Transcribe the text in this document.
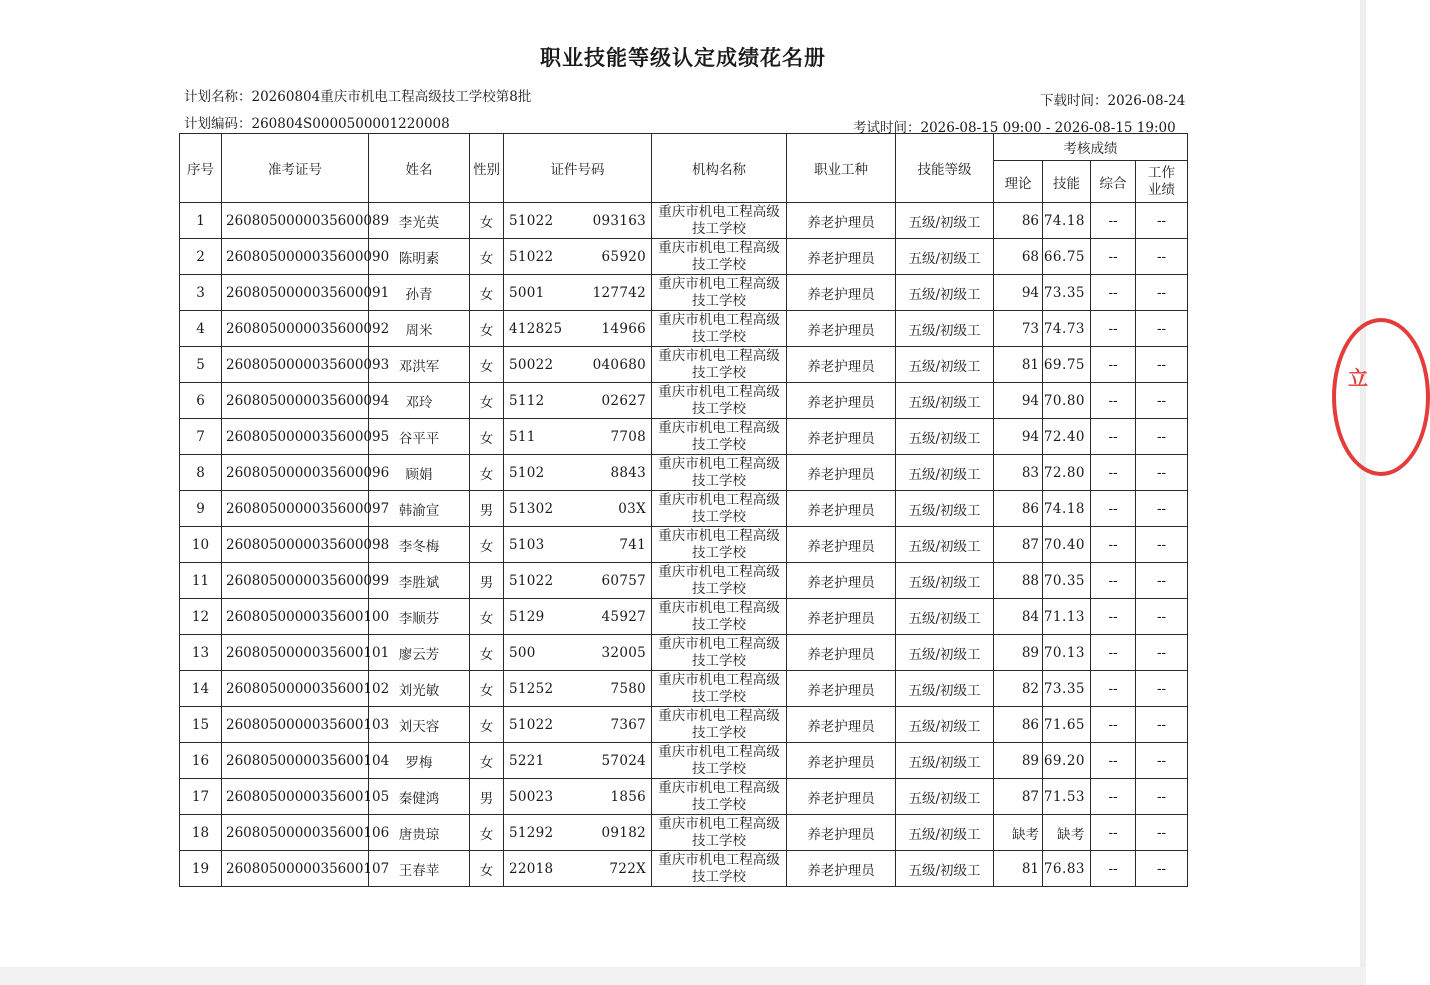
职业技能等级认定成绩花名册
计划名称：20260804重庆市机电工程高级技工学校第8批	下载时间：2026-08-24
计划编码：260804S0000500001220008	考试时间：2026-08-15 09:00 - 2026-08-15 19:00
序号	准考证号	姓名	性别	证件号码	机构名称	职业工种	技能等级	考核成绩			
								理论	技能	综合	工作业绩
1	2608050000035600089	李光英	女	51022 093163	重庆市机电工程高级技工学校	养老护理员	五级/初级工	86	74.18	--	--
2	2608050000035600090	陈明素	女	51022 65920	重庆市机电工程高级技工学校	养老护理员	五级/初级工	68	66.75	--	--
3	2608050000035600091	孙青	女	5001 127742	重庆市机电工程高级技工学校	养老护理员	五级/初级工	94	73.35	--	--
4	2608050000035600092	周米	女	412825 14966	重庆市机电工程高级技工学校	养老护理员	五级/初级工	73	74.73	--	--
5	2608050000035600093	邓洪军	女	50022 040680	重庆市机电工程高级技工学校	养老护理员	五级/初级工	81	69.75	--	--
6	2608050000035600094	邓玲	女	5112 02627	重庆市机电工程高级技工学校	养老护理员	五级/初级工	94	70.80	--	--
7	2608050000035600095	谷平平	女	511 7708	重庆市机电工程高级技工学校	养老护理员	五级/初级工	94	72.40	--	--
8	2608050000035600096	顾娟	女	5102 8843	重庆市机电工程高级技工学校	养老护理员	五级/初级工	83	72.80	--	--
9	2608050000035600097	韩渝宣	男	51302 03X	重庆市机电工程高级技工学校	养老护理员	五级/初级工	86	74.18	--	--
10	2608050000035600098	李冬梅	女	5103 741	重庆市机电工程高级技工学校	养老护理员	五级/初级工	87	70.40	--	--
11	2608050000035600099	李胜斌	男	51022 60757	重庆市机电工程高级技工学校	养老护理员	五级/初级工	88	70.35	--	--
12	2608050000035600100	李顺芬	女	5129 45927	重庆市机电工程高级技工学校	养老护理员	五级/初级工	84	71.13	--	--
13	2608050000035600101	廖云芳	女	500 32005	重庆市机电工程高级技工学校	养老护理员	五级/初级工	89	70.13	--	--
14	2608050000035600102	刘光敏	女	51252 7580	重庆市机电工程高级技工学校	养老护理员	五级/初级工	82	73.35	--	--
15	2608050000035600103	刘天容	女	51022 7367	重庆市机电工程高级技工学校	养老护理员	五级/初级工	86	71.65	--	--
16	2608050000035600104	罗梅	女	5221 57024	重庆市机电工程高级技工学校	养老护理员	五级/初级工	89	69.20	--	--
17	2608050000035600105	秦健鸿	男	50023 1856	重庆市机电工程高级技工学校	养老护理员	五级/初级工	87	71.53	--	--
18	2608050000035600106	唐贵琼	女	51292 09182	重庆市机电工程高级技工学校	养老护理员	五级/初级工	缺考	缺考	--	--
19	2608050000035600107	王春苹	女	22018 722X	重庆市机电工程高级技工学校	养老护理员	五级/初级工	81	76.83	--	--
立
